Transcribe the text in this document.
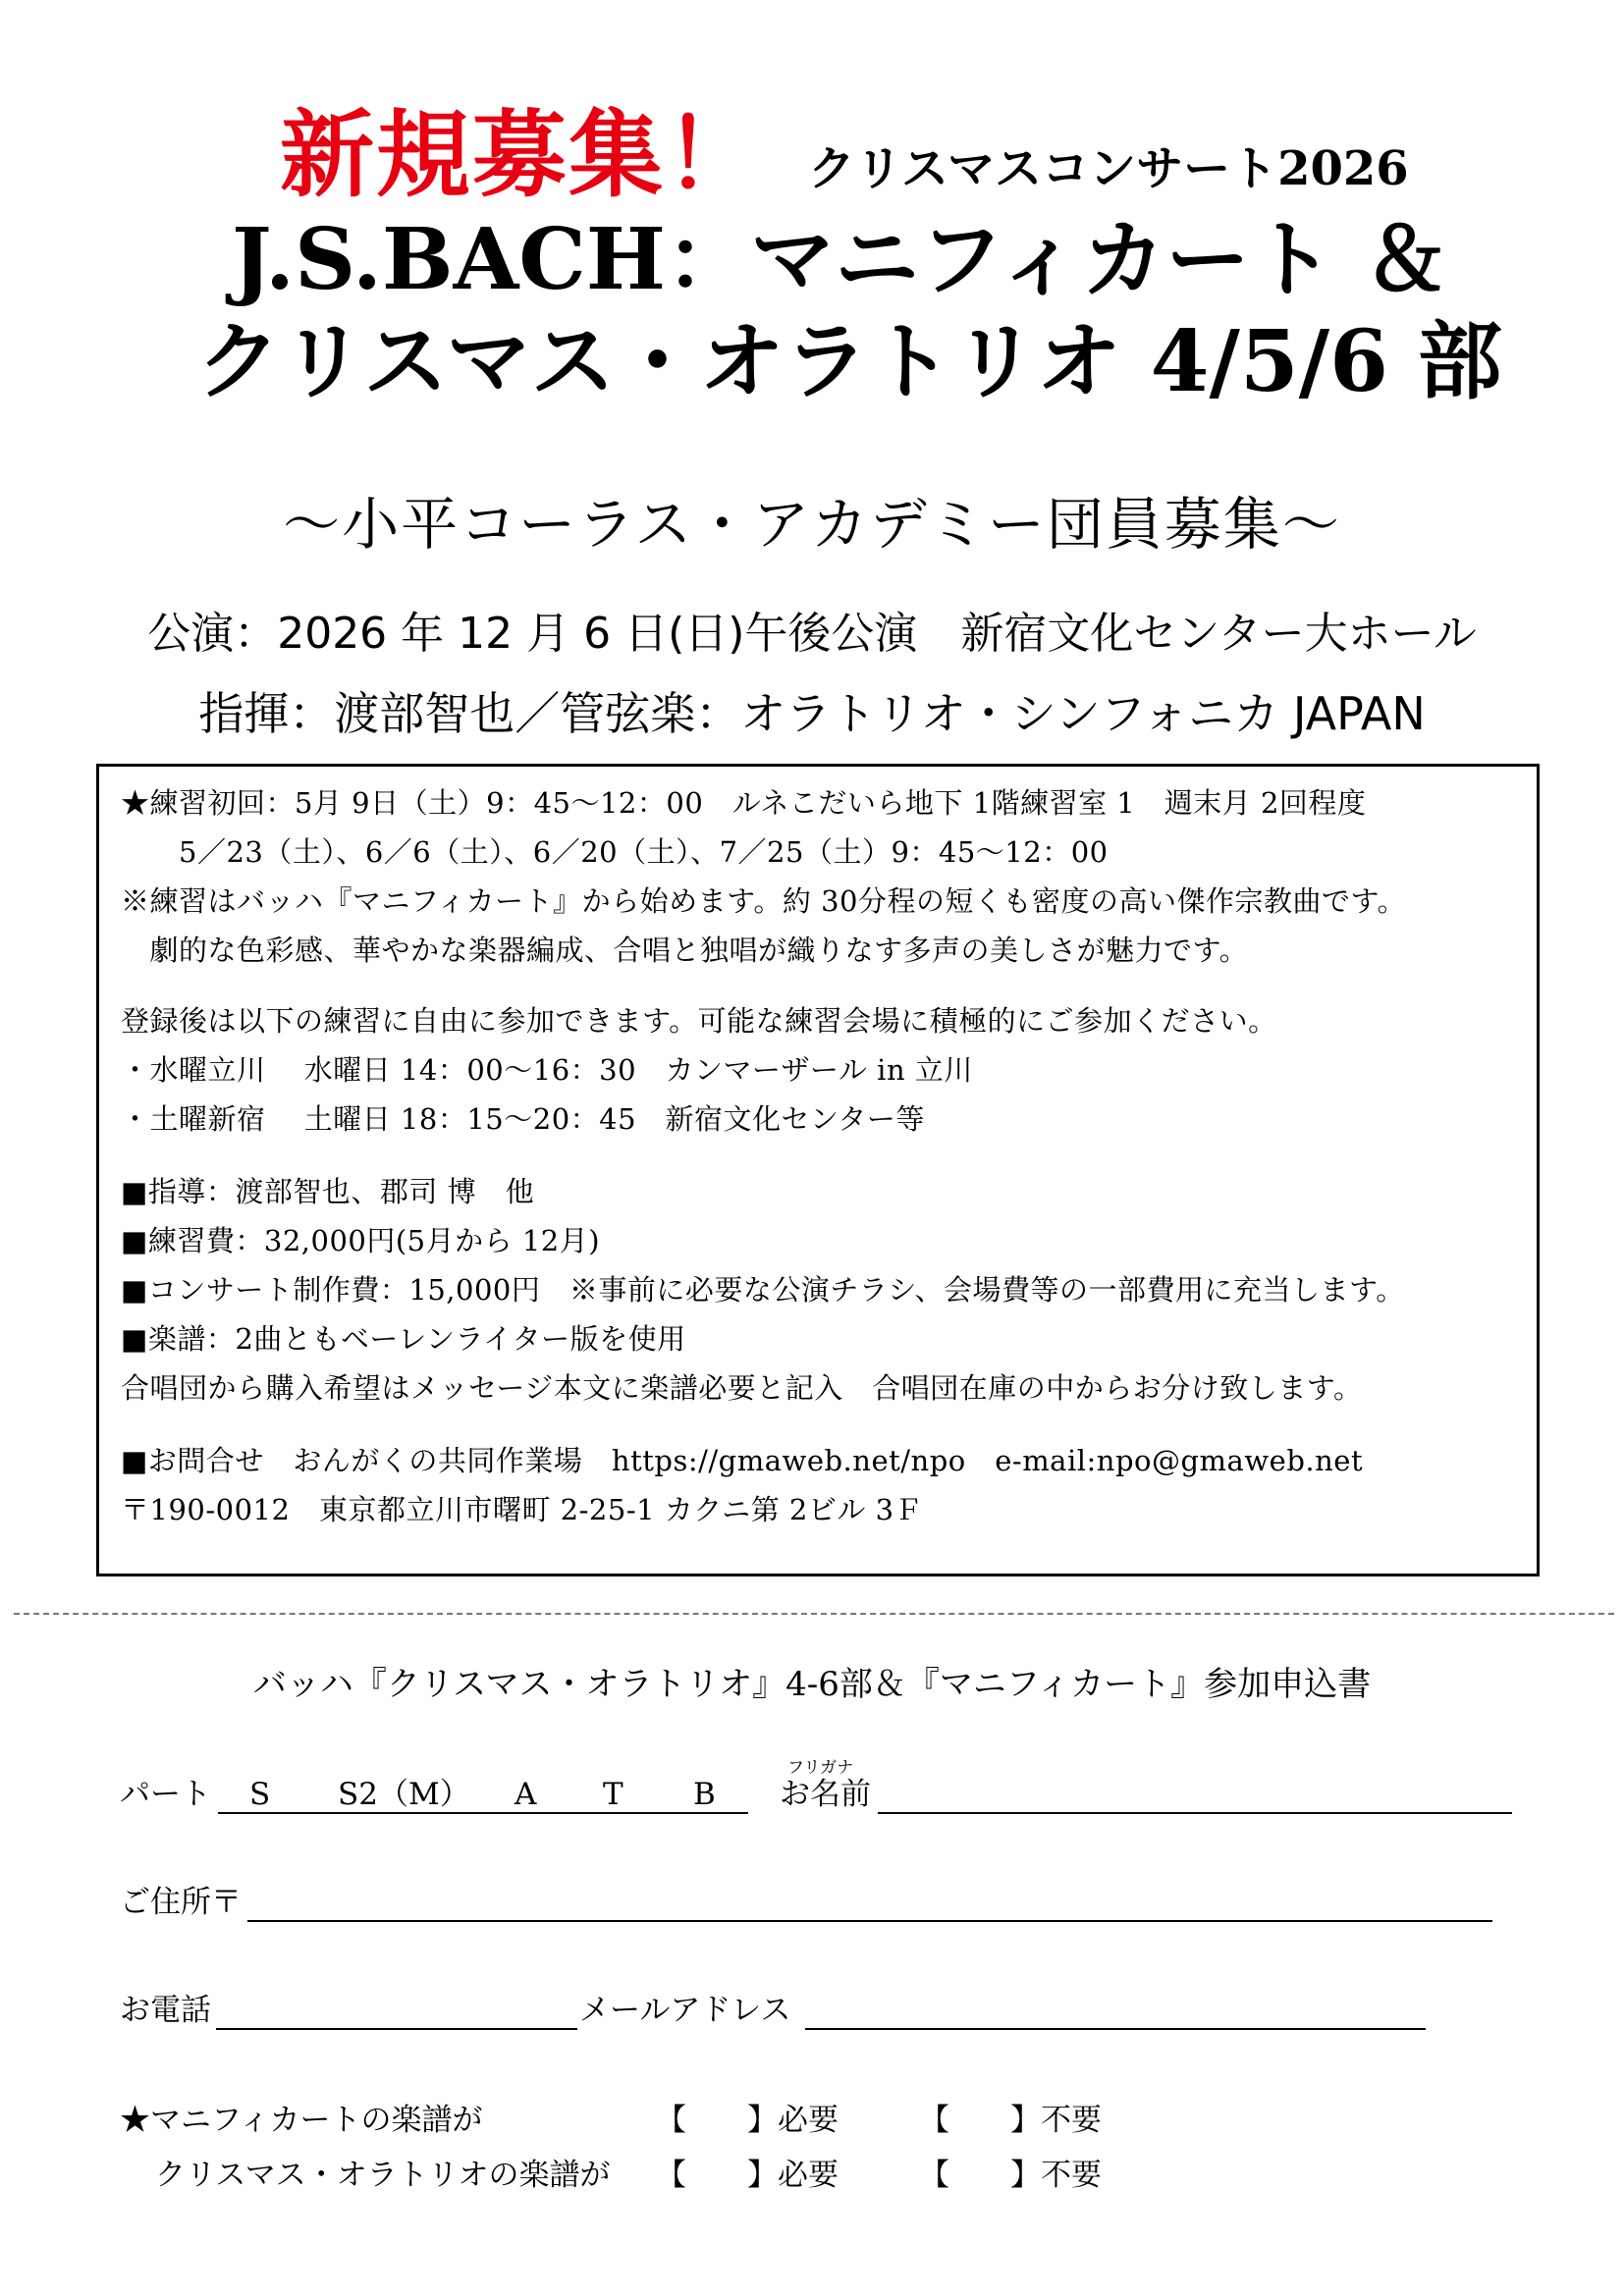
新規募集！ クリスマスコンサート2026
J.S.BACH：マニフィカート ＆
クリスマス・オラトリオ 4/5/6 部
～小平コーラス・アカデミー団員募集～
公演：2026 年 12 月 6 日(日)午後公演　新宿文化センター大ホール
指揮：渡部智也／管弦楽：オラトリオ・シンフォニカ JAPAN
★練習初回：5月 9日（土）9：45～12：00　ルネこだいら地下 1階練習室 1　週末月 2回程度
　　5／23（土）、6／6（土）、6／20（土）、7／25（土）9：45～12：00
※練習はバッハ『マニフィカート』から始めます。約 30分程の短くも密度の高い傑作宗教曲です。
　劇的な色彩感、華やかな楽器編成、合唱と独唱が織りなす多声の美しさが魅力です。
登録後は以下の練習に自由に参加できます。可能な練習会場に積極的にご参加ください。
・水曜立川　 水曜日 14：00～16：30　カンマーザール in 立川
・土曜新宿　 土曜日 18：15～20：45　新宿文化センター等
■指導：渡部智也、郡司 博　他
■練習費：32,000円(5月から 12月)
■コンサート制作費：15,000円　※事前に必要な公演チラシ、会場費等の一部費用に充当します。
■楽譜：2曲ともベーレンライター版を使用
合唱団から購入希望はメッセージ本文に楽譜必要と記入　合唱団在庫の中からお分け致します。
■お問合せ　おんがくの共同作業場　https://gmaweb.net/npo　e-mail:npo@gmaweb.net
〒190-0012　東京都立川市曙町 2-25-1 カクニ第 2ビル 3Ｆ
バッハ『クリスマス・オラトリオ』4-6部＆『マニフィカート』参加申込書
パート S S2（M） A T B
フリガナ
お名前
ご住所〒
お電話	メールアドレス
★マニフィカートの楽譜が	【　　】必要	【　　】不要
クリスマス・オラトリオの楽譜が 【　　】必要	【　　】不要
